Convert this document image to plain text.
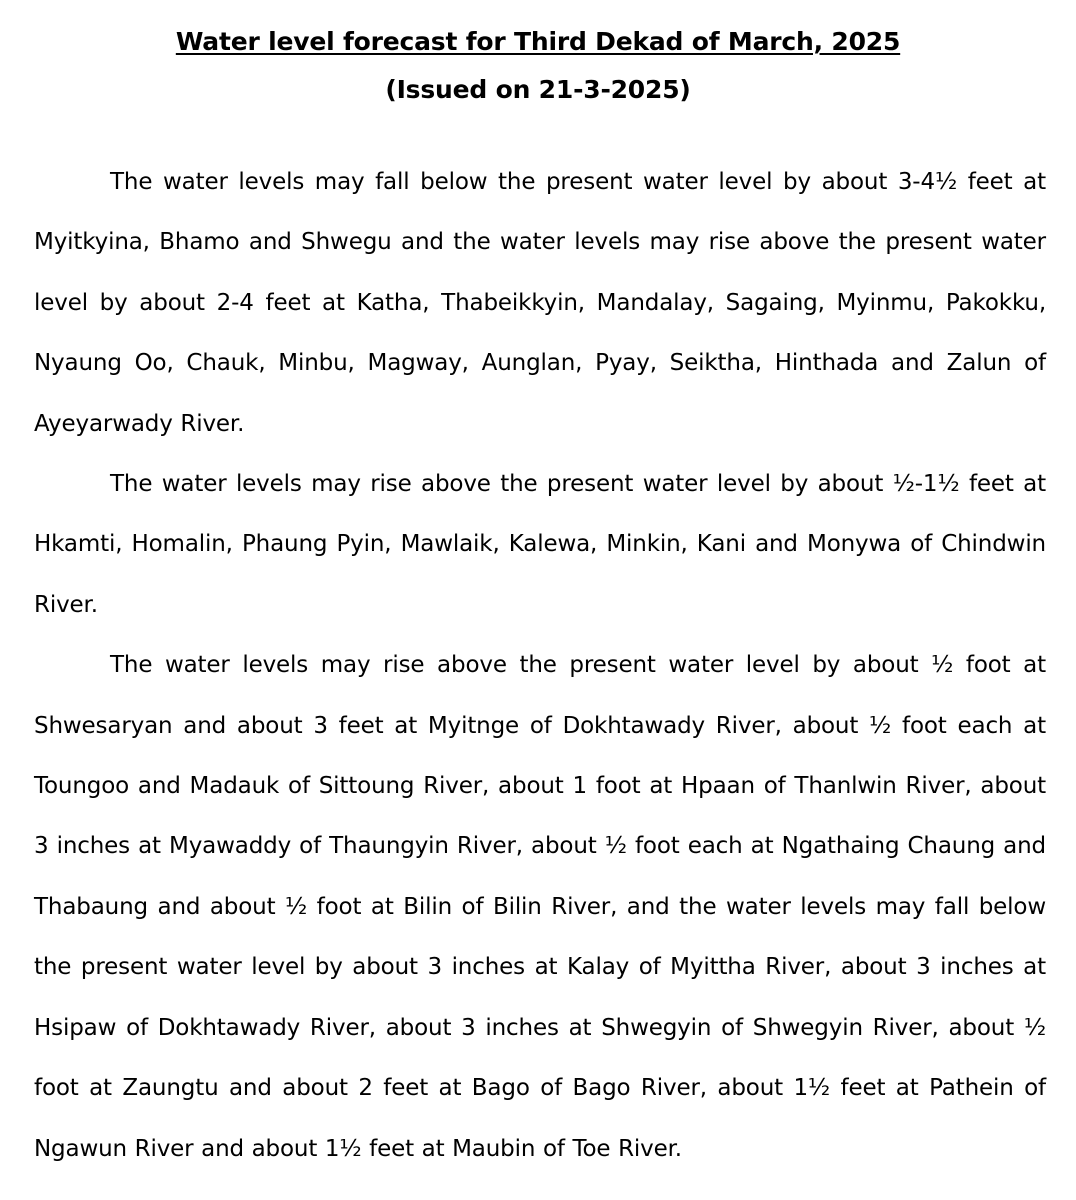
Water level forecast for Third Dekad of March, 2025
(Issued on 21-3-2025)

The water levels may fall below the present water level by about 3-4½ feet at Myitkyina, Bhamo and Shwegu and the water levels may rise above the present water level by about 2-4 feet at Katha, Thabeikkyin, Mandalay, Sagaing, Myinmu, Pakokku, Nyaung Oo, Chauk, Minbu, Magway, Aunglan, Pyay, Seiktha, Hinthada and Zalun of Ayeyarwady River.

The water levels may rise above the present water level by about ½-1½ feet at Hkamti, Homalin, Phaung Pyin, Mawlaik, Kalewa, Minkin, Kani and Monywa of Chindwin River.

The water levels may rise above the present water level by about ½ foot at Shwesaryan and about 3 feet at Myitnge of Dokhtawady River, about ½ foot each at Toungoo and Madauk of Sittoung River, about 1 foot at Hpaan of Thanlwin River, about 3 inches at Myawaddy of Thaungyin River, about ½ foot each at Ngathaing Chaung and Thabaung and about ½ foot at Bilin of Bilin River, and the water levels may fall below the present water level by about 3 inches at Kalay of Myittha River, about 3 inches at Hsipaw of Dokhtawady River, about 3 inches at Shwegyin of Shwegyin River, about ½ foot at Zaungtu and about 2 feet at Bago of Bago River, about 1½ feet at Pathein of Ngawun River and about 1½ feet at Maubin of Toe River.
